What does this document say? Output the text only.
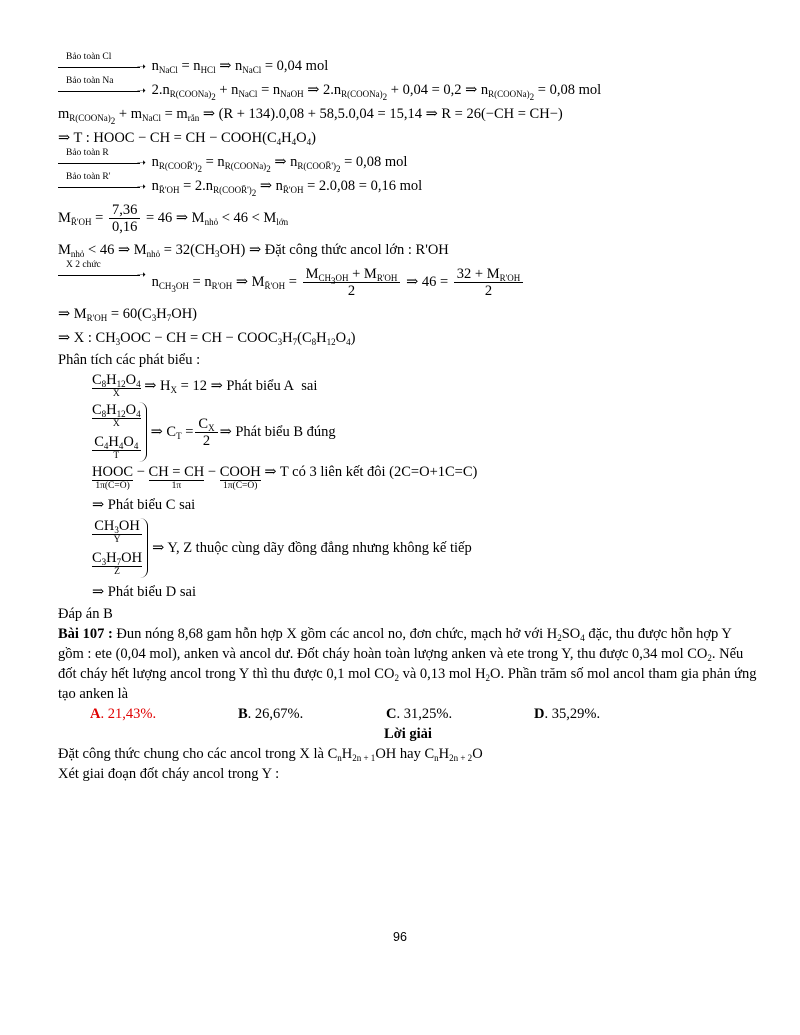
Bảo toàn Cl
➝ $n_{NaCl} = n_{HCl}$ ⇒ $n_{NaCl} = 0,04$ mol
Bảo toàn Na
➝ $2.n_{R(COONa)_2} + n_{NaCl} = n_{NaOH}$ ⇒ $2.n_{R(COONa)_2} + 0,04 = 0,2$ ⇒ $n_{R(COONa)_2} = 0,08$ mol
$m_{R(COONa)_2} + m_{NaCl} = m_{rắn}$ ⇒ (R + 134).0,08 + 58,5.0,04 = 15,14 ⇒ R = 26(−CH = CH−)
⇒ T : HOOC − CH = CH − $COOH(C_4H_4O_4)$
Bảo toàn R
➝ $n_{R(COOR̄')_2} = n_{R(COONa)_2}$ ⇒ $n_{R(COOR̄')_2} = 0,08$ mol
Bảo toàn R'
➝ $n_{R̄'OH} = 2.n_{R(COOR̄')_2}$ ⇒ $n_{R̄'OH} = 2.0,08 = 0,16$ mol
$M_{R̄'OH} = \frac{7,36}{0,16} = 46$ ⇒ $M_{nhỏ} < 46 < M_{lớn}$
$M_{nhỏ} < 46$ ⇒ $M_{nhỏ} = 32(CH_3OH)$ ⇒ Đặt công thức ancol lớn : R'OH
X 2 chức
➝ $n_{CH_3OH} = n_{R'OH}$ ⇒ $M_{R̄'OH} = \frac{M_{CH_3OH} + M_{R'OH}}{2}$ ⇒ $46 = \frac{32 + M_{R'OH}}{2}$
⇒ $M_{R'OH} = 60(C_3H_7OH)$
⇒ X : $CH_3OOC$ − CH = CH − $COOC_3H_7(C_8H_{12}O_4)$
Phân tích các phát biểu :
$C_8H_{12}O_4$
X
⇒ $H_X = 12$ ⇒ Phát biểu A  sai
$C_8H_{12}O_4$
X
$C_4H_4O_4$
T
⇒ $C_T = \frac{C_X}{2}$ ⇒ Phát biểu B đúng
HOOC
1π(C=O)
− CH = CH
1π
− COOH
1π(C=O)

⇒ T có 3 liên kết đôi (2C=O+1C=C)
⇒ Phát biểu C sai
$CH_3OH$
Y
$C_3H_7OH$
Z
⇒ Y, Z thuộc cùng dãy đồng đẳng nhưng không kế tiếp
⇒ Phát biểu D sai
Đáp án B
Bài 107 : Đun nóng 8,68 gam hỗn hợp X gồm các ancol no, đơn chức, mạch hở với $H_2SO_4$ đặc, thu được hỗn hợp Y gồm : ete (0,04 mol), anken và ancol dư. Đốt cháy hoàn toàn lượng anken và ete trong Y, thu được 0,34 mol $CO_2$. Nếu đốt cháy hết lượng ancol trong Y thì thu được 0,1 mol $CO_2$ và 0,13 mol $H_2O$. Phần trăm số mol ancol tham gia phản ứng tạo anken là
A. 21,43%.	B. 26,67%.	C. 31,25%.	D. 35,29%.
Lời giải
Đặt công thức chung cho các ancol trong X là $C_nH_{2n + 1}OH$ hay $C_nH_{2n + 2}O$
Xét giai đoạn đốt cháy ancol trong Y :
96
